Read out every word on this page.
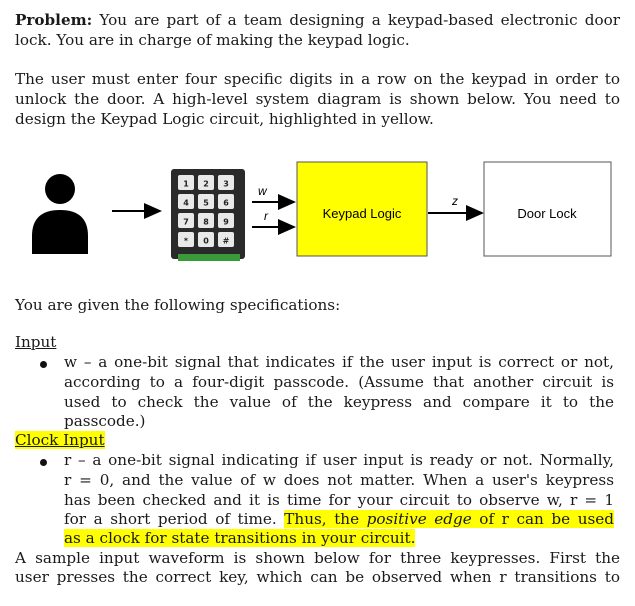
Problem: You are part of a team designing a keypad-based electronic door

lock. You are in charge of making the keypad logic.

The user must enter four specific digits in a row on the keypad in order to

unlock the door. A high-level system diagram is shown below. You need to

design the Keypad Logic circuit, highlighted in yellow.

1 2 3
4 5 6
7 8 9
* 0 #
w
r	Keypad Logic
z
Door Lock

You are given the following specifications:

Input

w – a one-bit signal that indicates if the user input is correct or not,

according to a four-digit passcode. (Assume that another circuit is

used to check the value of the keypress and compare it to the

passcode.)

Clock Input

r – a one-bit signal indicating if user input is ready or not. Normally,

r = 0, and the value of w does not matter. When a user's keypress

has been checked and it is time for your circuit to observe w, r = 1

for a short period of time. Thus, the positive edge of r can be used

as a clock for state transitions in your circuit.

A sample input waveform is shown below for three keypresses. First the

user presses the correct key, which can be observed when r transitions to
